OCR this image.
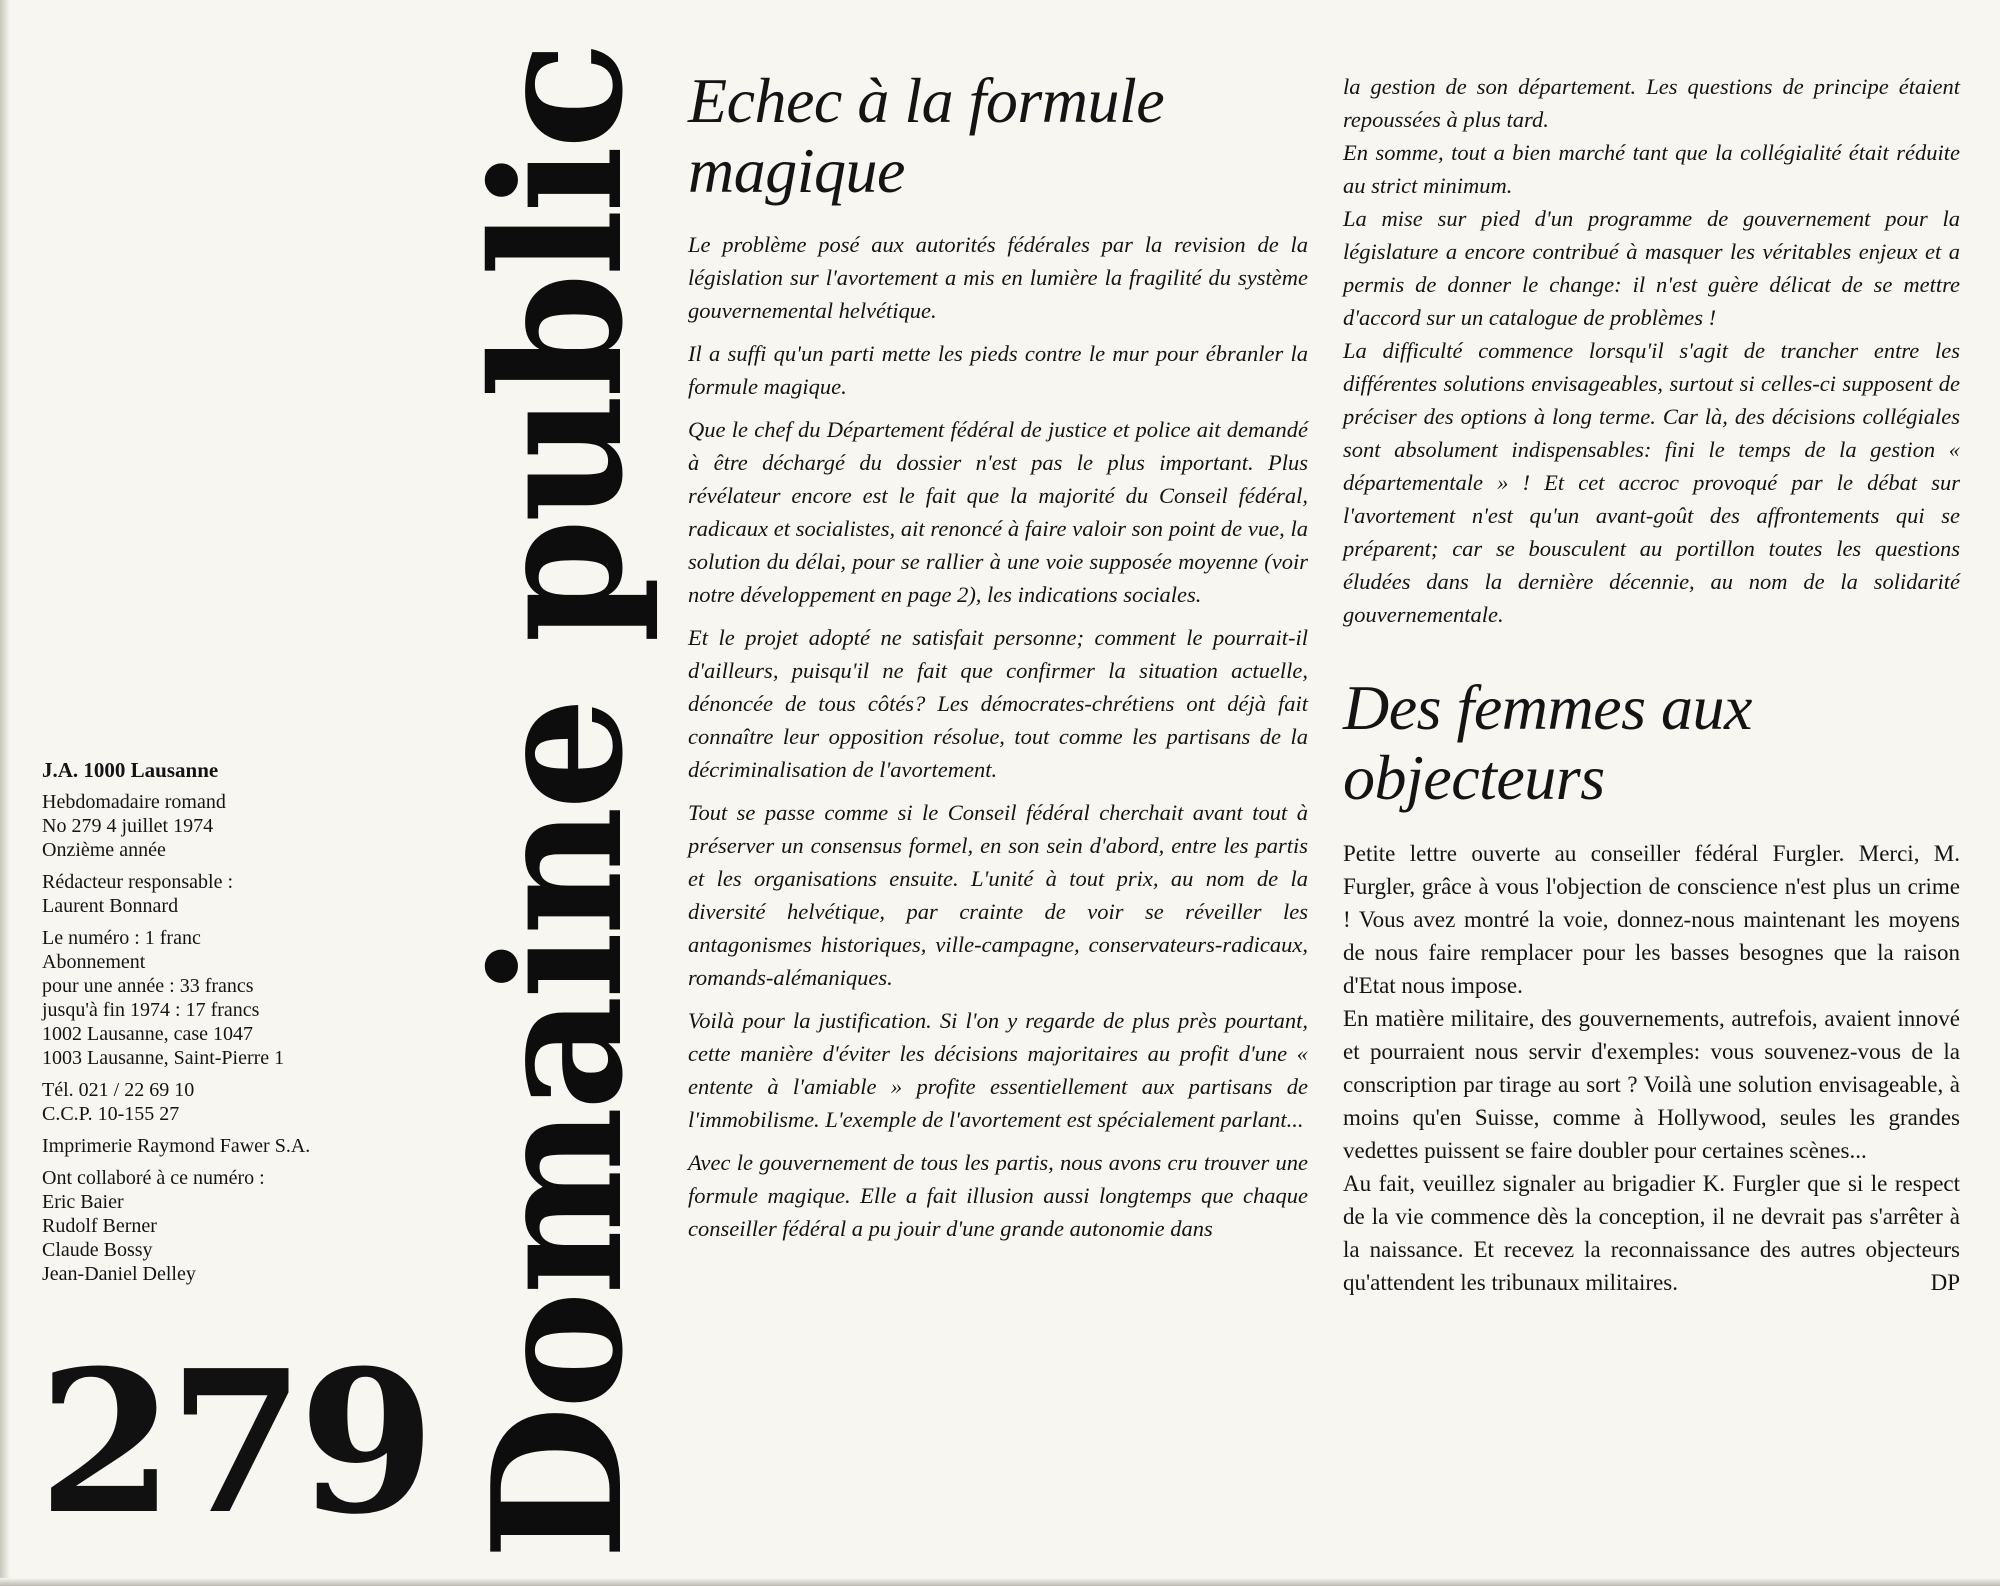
J.A. 1000 Lausanne
Hebdomadaire romand
No 279 4 juillet 1974
Onzième année
Rédacteur responsable :
Laurent Bonnard
Le numéro : 1 franc
Abonnement
pour une année : 33 francs
jusqu'à fin 1974 : 17 francs
1002 Lausanne, case 1047
1003 Lausanne, Saint-Pierre 1
Tél. 021 / 22 69 10
C.C.P. 10-155 27
Imprimerie Raymond Fawer S.A.
Ont collaboré à ce numéro :
Eric Baier
Rudolf Berner
Claude Bossy
Jean-Daniel Delley
279 Domaine public Echec à la formule magique

Le problème posé aux autorités fédérales par la revision de la législation sur l'avortement a mis en lumière la fragilité du système gouvernemental helvétique.

Il a suffi qu'un parti mette les pieds contre le mur pour ébranler la formule magique.

Que le chef du Département fédéral de justice et police ait demandé à être déchargé du dossier n'est pas le plus important. Plus révélateur encore est le fait que la majorité du Conseil fédéral, radicaux et socialistes, ait renoncé à faire valoir son point de vue, la solution du délai, pour se rallier à une voie supposée moyenne (voir notre développement en page 2), les indications sociales.

Et le projet adopté ne satisfait personne; comment le pourrait-il d'ailleurs, puisqu'il ne fait que confirmer la situation actuelle, dénoncée de tous côtés? Les démocrates-chrétiens ont déjà fait connaître leur opposition résolue, tout comme les partisans de la décriminalisation de l'avortement.

Tout se passe comme si le Conseil fédéral cherchait avant tout à préserver un consensus formel, en son sein d'abord, entre les partis et les organisations ensuite. L'unité à tout prix, au nom de la diversité helvétique, par crainte de voir se réveiller les antagonismes historiques, ville-campagne, conservateurs-radicaux, romands-alémaniques.

Voilà pour la justification. Si l'on y regarde de plus près pourtant, cette manière d'éviter les décisions majoritaires au profit d'une « entente à l'amiable » profite essentiellement aux partisans de l'immobilisme. L'exemple de l'avortement est spécialement parlant...

Avec le gouvernement de tous les partis, nous avons cru trouver une formule magique. Elle a fait illusion aussi longtemps que chaque conseiller fédéral a pu jouir d'une grande autonomie dans

la gestion de son département. Les questions de principe étaient repoussées à plus tard.

En somme, tout a bien marché tant que la collégialité était réduite au strict minimum.

La mise sur pied d'un programme de gouvernement pour la législature a encore contribué à masquer les véritables enjeux et a permis de donner le change: il n'est guère délicat de se mettre d'accord sur un catalogue de problèmes !

La difficulté commence lorsqu'il s'agit de trancher entre les différentes solutions envisageables, surtout si celles-ci supposent de préciser des options à long terme. Car là, des décisions collégiales sont absolument indispensables: fini le temps de la gestion « départementale » ! Et cet accroc provoqué par le débat sur l'avortement n'est qu'un avant-goût des affrontements qui se préparent; car se bousculent au portillon toutes les questions éludées dans la dernière décennie, au nom de la solidarité gouvernementale.

Des femmes aux objecteurs

Petite lettre ouverte au conseiller fédéral Furgler. Merci, M. Furgler, grâce à vous l'objection de conscience n'est plus un crime ! Vous avez montré la voie, donnez-nous maintenant les moyens de nous faire remplacer pour les basses besognes que la raison d'Etat nous impose.

En matière militaire, des gouvernements, autrefois, avaient innové et pourraient nous servir d'exemples: vous souvenez-vous de la conscription par tirage au sort ? Voilà une solution envisageable, à moins qu'en Suisse, comme à Hollywood, seules les grandes vedettes puissent se faire doubler pour certaines scènes...

Au fait, veuillez signaler au brigadier K. Furgler que si le respect de la vie commence dès la conception, il ne devrait pas s'arrêter à la naissance. Et recevez la reconnaissance des autres objecteurs qu'attendent les tribunaux militaires.	DP
